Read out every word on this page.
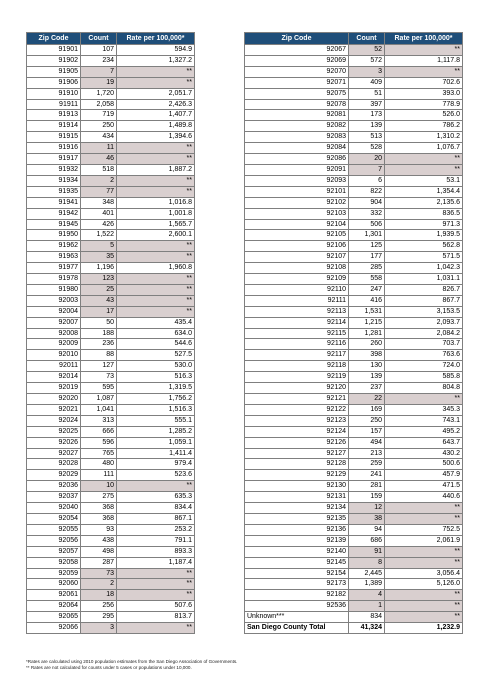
Zip Code	Count	Rate per 100,000*
91901	107	594.9
91902	234	1,327.2
91905	7	**
91906	19	**
91910	1,720	2,051.7
91911	2,058	2,426.3
91913	719	1,407.7
91914	250	1,489.8
91915	434	1,394.6
91916	11	**
91917	46	**
91932	518	1,887.2
91934	2	**
91935	77	**
91941	348	1,016.8
91942	401	1,001.8
91945	426	1,565.7
91950	1,522	2,600.1
91962	5	**
91963	35	**
91977	1,196	1,960.8
91978	123	**
91980	25	**
92003	43	**
92004	17	**
92007	50	435.4
92008	188	634.0
92009	236	544.6
92010	88	527.5
92011	127	530.0
92014	73	516.3
92019	595	1,319.5
92020	1,087	1,756.2
92021	1,041	1,516.3
92024	313	555.1
92025	666	1,285.2
92026	596	1,059.1
92027	765	1,411.4
92028	480	979.4
92029	111	523.6
92036	10	**
92037	275	635.3
92040	368	834.4
92054	368	867.1
92055	93	253.2
92056	438	791.1
92057	498	893.3
92058	287	1,187.4
92059	73	**
92060	2	**
92061	18	**
92064	256	507.6
92065	295	813.7
92066	3	**
Zip Code	Count	Rate per 100,000*
92067	52	**
92069	572	1,117.8
92070	3	**
92071	409	702.6
92075	51	393.0
92078	397	778.9
92081	173	526.0
92082	139	786.2
92083	513	1,310.2
92084	528	1,076.7
92086	20	**
92091	7	**
92093	6	53.1
92101	822	1,354.4
92102	904	2,135.6
92103	332	836.5
92104	506	971.3
92105	1,301	1,939.5
92106	125	562.8
92107	177	571.5
92108	285	1,042.3
92109	558	1,031.1
92110	247	826.7
92111	416	867.7
92113	1,531	3,153.5
92114	1,215	2,093.7
92115	1,281	2,084.2
92116	260	703.7
92117	398	763.6
92118	130	724.0
92119	139	585.8
92120	237	804.8
92121	22	**
92122	169	345.3
92123	250	743.1
92124	157	495.2
92126	494	643.7
92127	213	430.2
92128	259	500.6
92129	241	457.9
92130	281	471.5
92131	159	440.6
92134	12	**
92135	38	**
92136	94	752.5
92139	686	2,061.9
92140	91	**
92145	8	**
92154	2,445	3,056.4
92173	1,389	5,126.0
92182	4	**
92536	1	**
Unknown***	834	**
San Diego County Total	41,324	1,232.9
*Rates are calculated using 2010 population estimates from the San Diego Association of Governments.
** Rates are not calculated for counts under 5 cases or populations under 10,000.
